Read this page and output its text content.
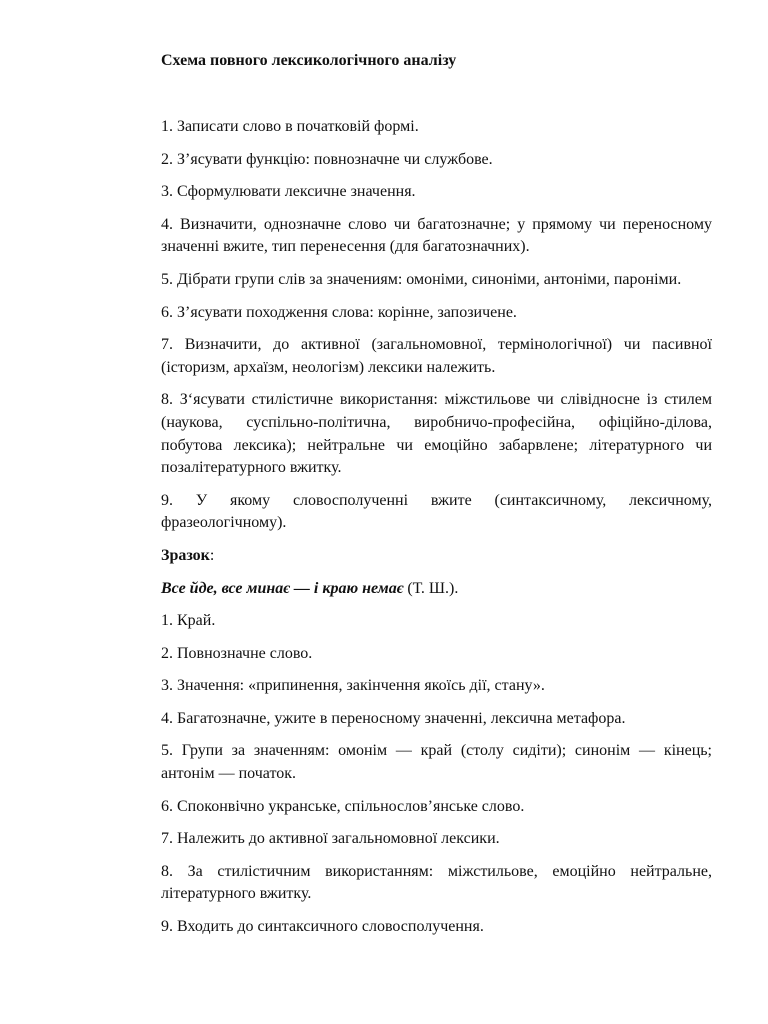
Схема повного лексикологічного аналізу

1. Записати слово в початковій формі.

2. З’ясувати функцію: повнозначне чи службове.

3. Сформулювати лексичне значення.

4. Визначити, однозначне слово чи багатозначне; у прямому чи переносному значенні вжите, тип перенесення (для багатозначних).

5. Дібрати групи слів за значениям: омоніми, синоніми, антоніми, пароніми.

6. З’ясувати походження слова: корінне, запозичене.

7. Визначити, до активної (загальномовної, термінологічної) чи пасивної (історизм, архаїзм, неологізм) лексики належить.

8. З‘ясувати стилістичне використання: міжстильове чи слівідносне із стилем (наукова, суспільно-політична, виробничо-професійна, офіційно-ділова, побутова лексика); нейтральне чи емоційно забарвлене; літературного чи позалітературного вжитку.

9. У якому словосполученні вжите (синтаксичному, лексичному, фразеологічному).

Зразок:

Все йде, все минає — і краю немає (Т. Ш.).

1. Край.

2. Повнозначне слово.

3. Значення: «припинення, закінчення якоїсь дії, стану».

4. Багатозначне, ужите в переносному значенні, лексична метафора.

5. Групи за значенням: омонім — край (столу сидіти); синонім — кінець; антонім — початок.

6. Споконвічно укранське, спільнослов’янське слово.

7. Належить до активної загальномовної лексики.

8. За стилістичним використанням: міжстильове, емоційно нейтральне, літературного вжитку.

9. Входить до синтаксичного словосполучення.
